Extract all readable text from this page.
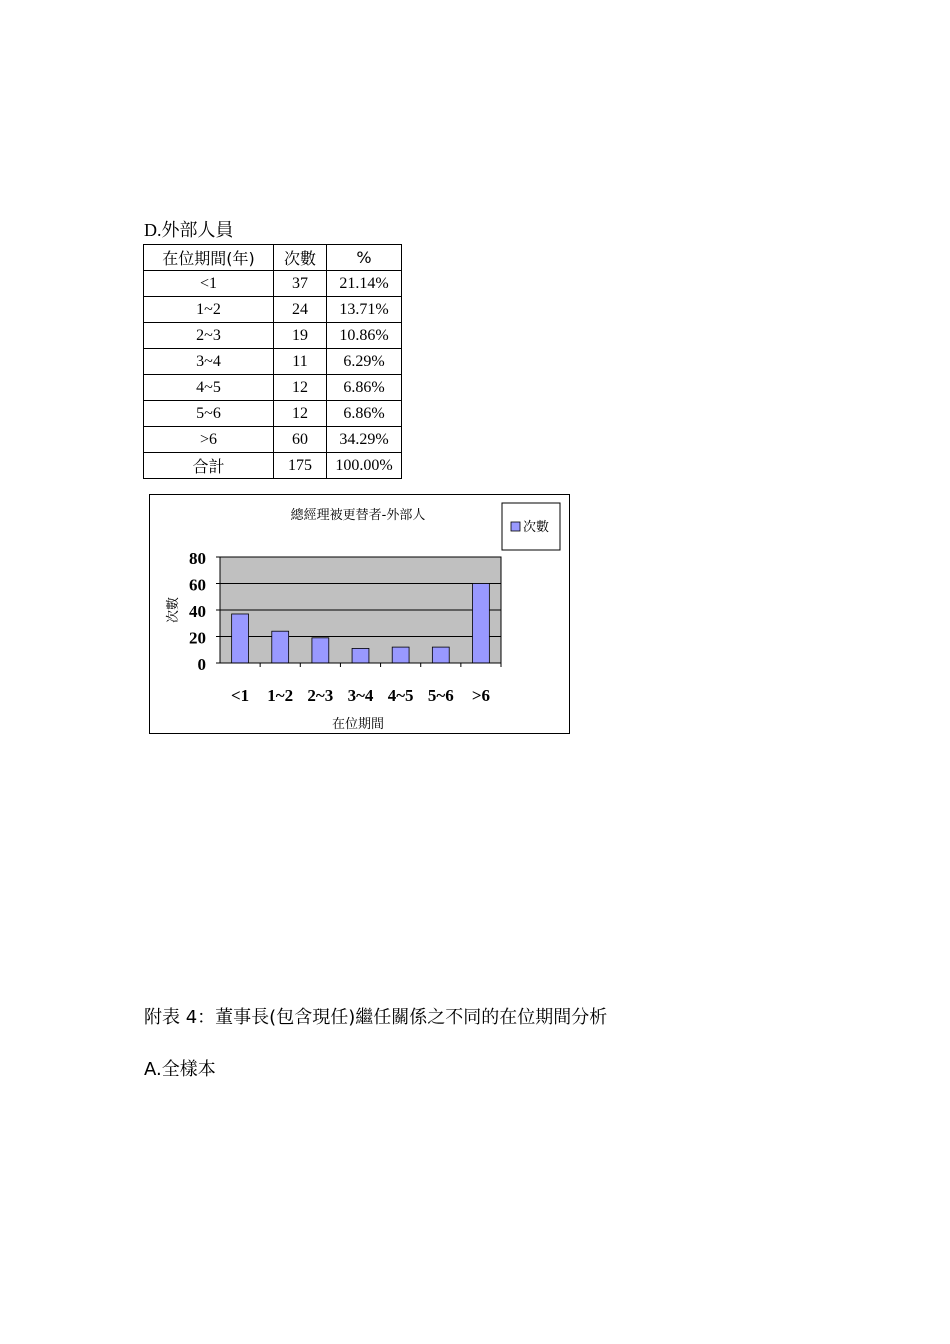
D.外部人員
在位期間(年)	次數	%
<1	37	21.14%
1~2	24	13.71%
2~3	19	10.86%
3~4	11	6.29%
4~5	12	6.86%
5~6	12	6.86%
>6	60	34.29%
合計	175	100.00%
0
20
40
60
80
<1 1~2 2~3 3~4 4~5 5~6 >6
總經理被更替者-外部人
在位期間
次數
次數
附表 4：董事長(包含現任)繼任關係之不同的在位期間分析
A.全樣本
